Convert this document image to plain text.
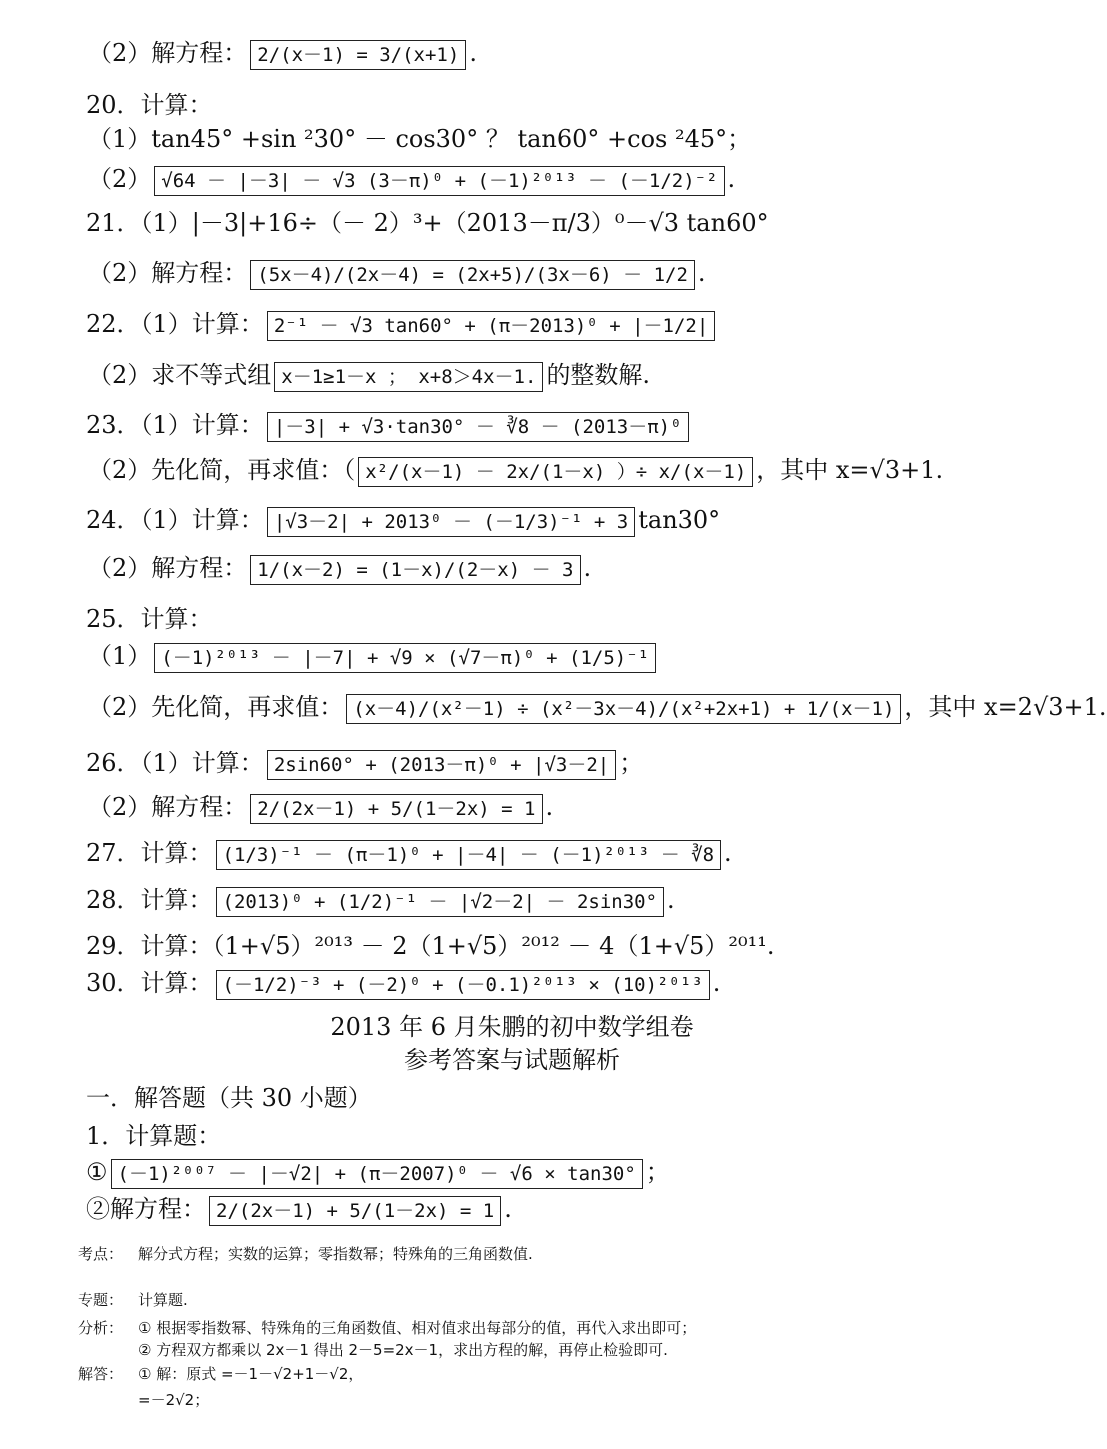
（2）解方程： 2/(x－1) = 3/(x+1) .
20．计算：
（1）tan45° +sin ²30° － cos30° ？ tan60° +cos ²45°；
（2） √64 － |－3| － √3 (3－π)⁰ + (－1)²⁰¹³ － (－1/2)⁻² .
21．（1）|－3|+16÷（－ 2）³+（2013－π/3）⁰－√3 tan60°
（2）解方程： (5x－4)/(2x－4) = (2x+5)/(3x－6) － 1/2 .
22．（1）计算： 2⁻¹ － √3 tan60° + (π－2013)⁰ + |－1/2|
（2）求不等式组 x－1≥1－x ； x+8＞4x－1. 的整数解.
23．（1）计算： |－3| + √3·tan30° － ∛8 － (2013－π)⁰
（2）先化简，再求值：（ x²/(x－1) － 2x/(1－x) ）÷ x/(x－1) ，其中 x=√3+1.
24．（1）计算： |√3－2| + 2013⁰ － (－1/3)⁻¹ + 3 tan30°
（2）解方程： 1/(x－2) = (1－x)/(2－x) － 3 .
25．计算：
（1） (－1)²⁰¹³ － |－7| + √9 × (√7－π)⁰ + (1/5)⁻¹
（2）先化简，再求值： (x－4)/(x²－1) ÷ (x²－3x－4)/(x²+2x+1) + 1/(x－1) ，其中 x=2√3+1.
26．（1）计算： 2sin60° + (2013－π)⁰ + |√3－2| ；
（2）解方程： 2/(2x－1) + 5/(1－2x) = 1 .
27．计算： (1/3)⁻¹ － (π－1)⁰ + |－4| － (－1)²⁰¹³ － ∛8 .
28．计算： (2013)⁰ + (1/2)⁻¹ － |√2－2| － 2sin30° .
29．计算：（1+√5）²⁰¹³ － 2（1+√5）²⁰¹² － 4（1+√5）²⁰¹¹.
30．计算： (－1/2)⁻³ + (－2)⁰ + (－0.1)²⁰¹³ × (10)²⁰¹³ .
2013 年 6 月朱鹏的初中数学组卷
参考答案与试题解析
一．解答题（共 30 小题）
1．计算题：
① (－1)²⁰⁰⁷ － |－√2| + (π－2007)⁰ － √6 × tan30° ；
②解方程： 2/(2x－1) + 5/(1－2x) = 1 .
考点： 解分式方程；实数的运算；零指数幂；特殊角的三角函数值.
专题： 计算题.
分析： ① 根据零指数幂、特殊角的三角函数值、相对值求出每部分的值，再代入求出即可；
② 方程双方都乘以 2x－1 得出 2－5=2x－1，求出方程的解，再停止检验即可.
解答： ① 解：原式 =－1－√2+1－√2，
=－2√2；
